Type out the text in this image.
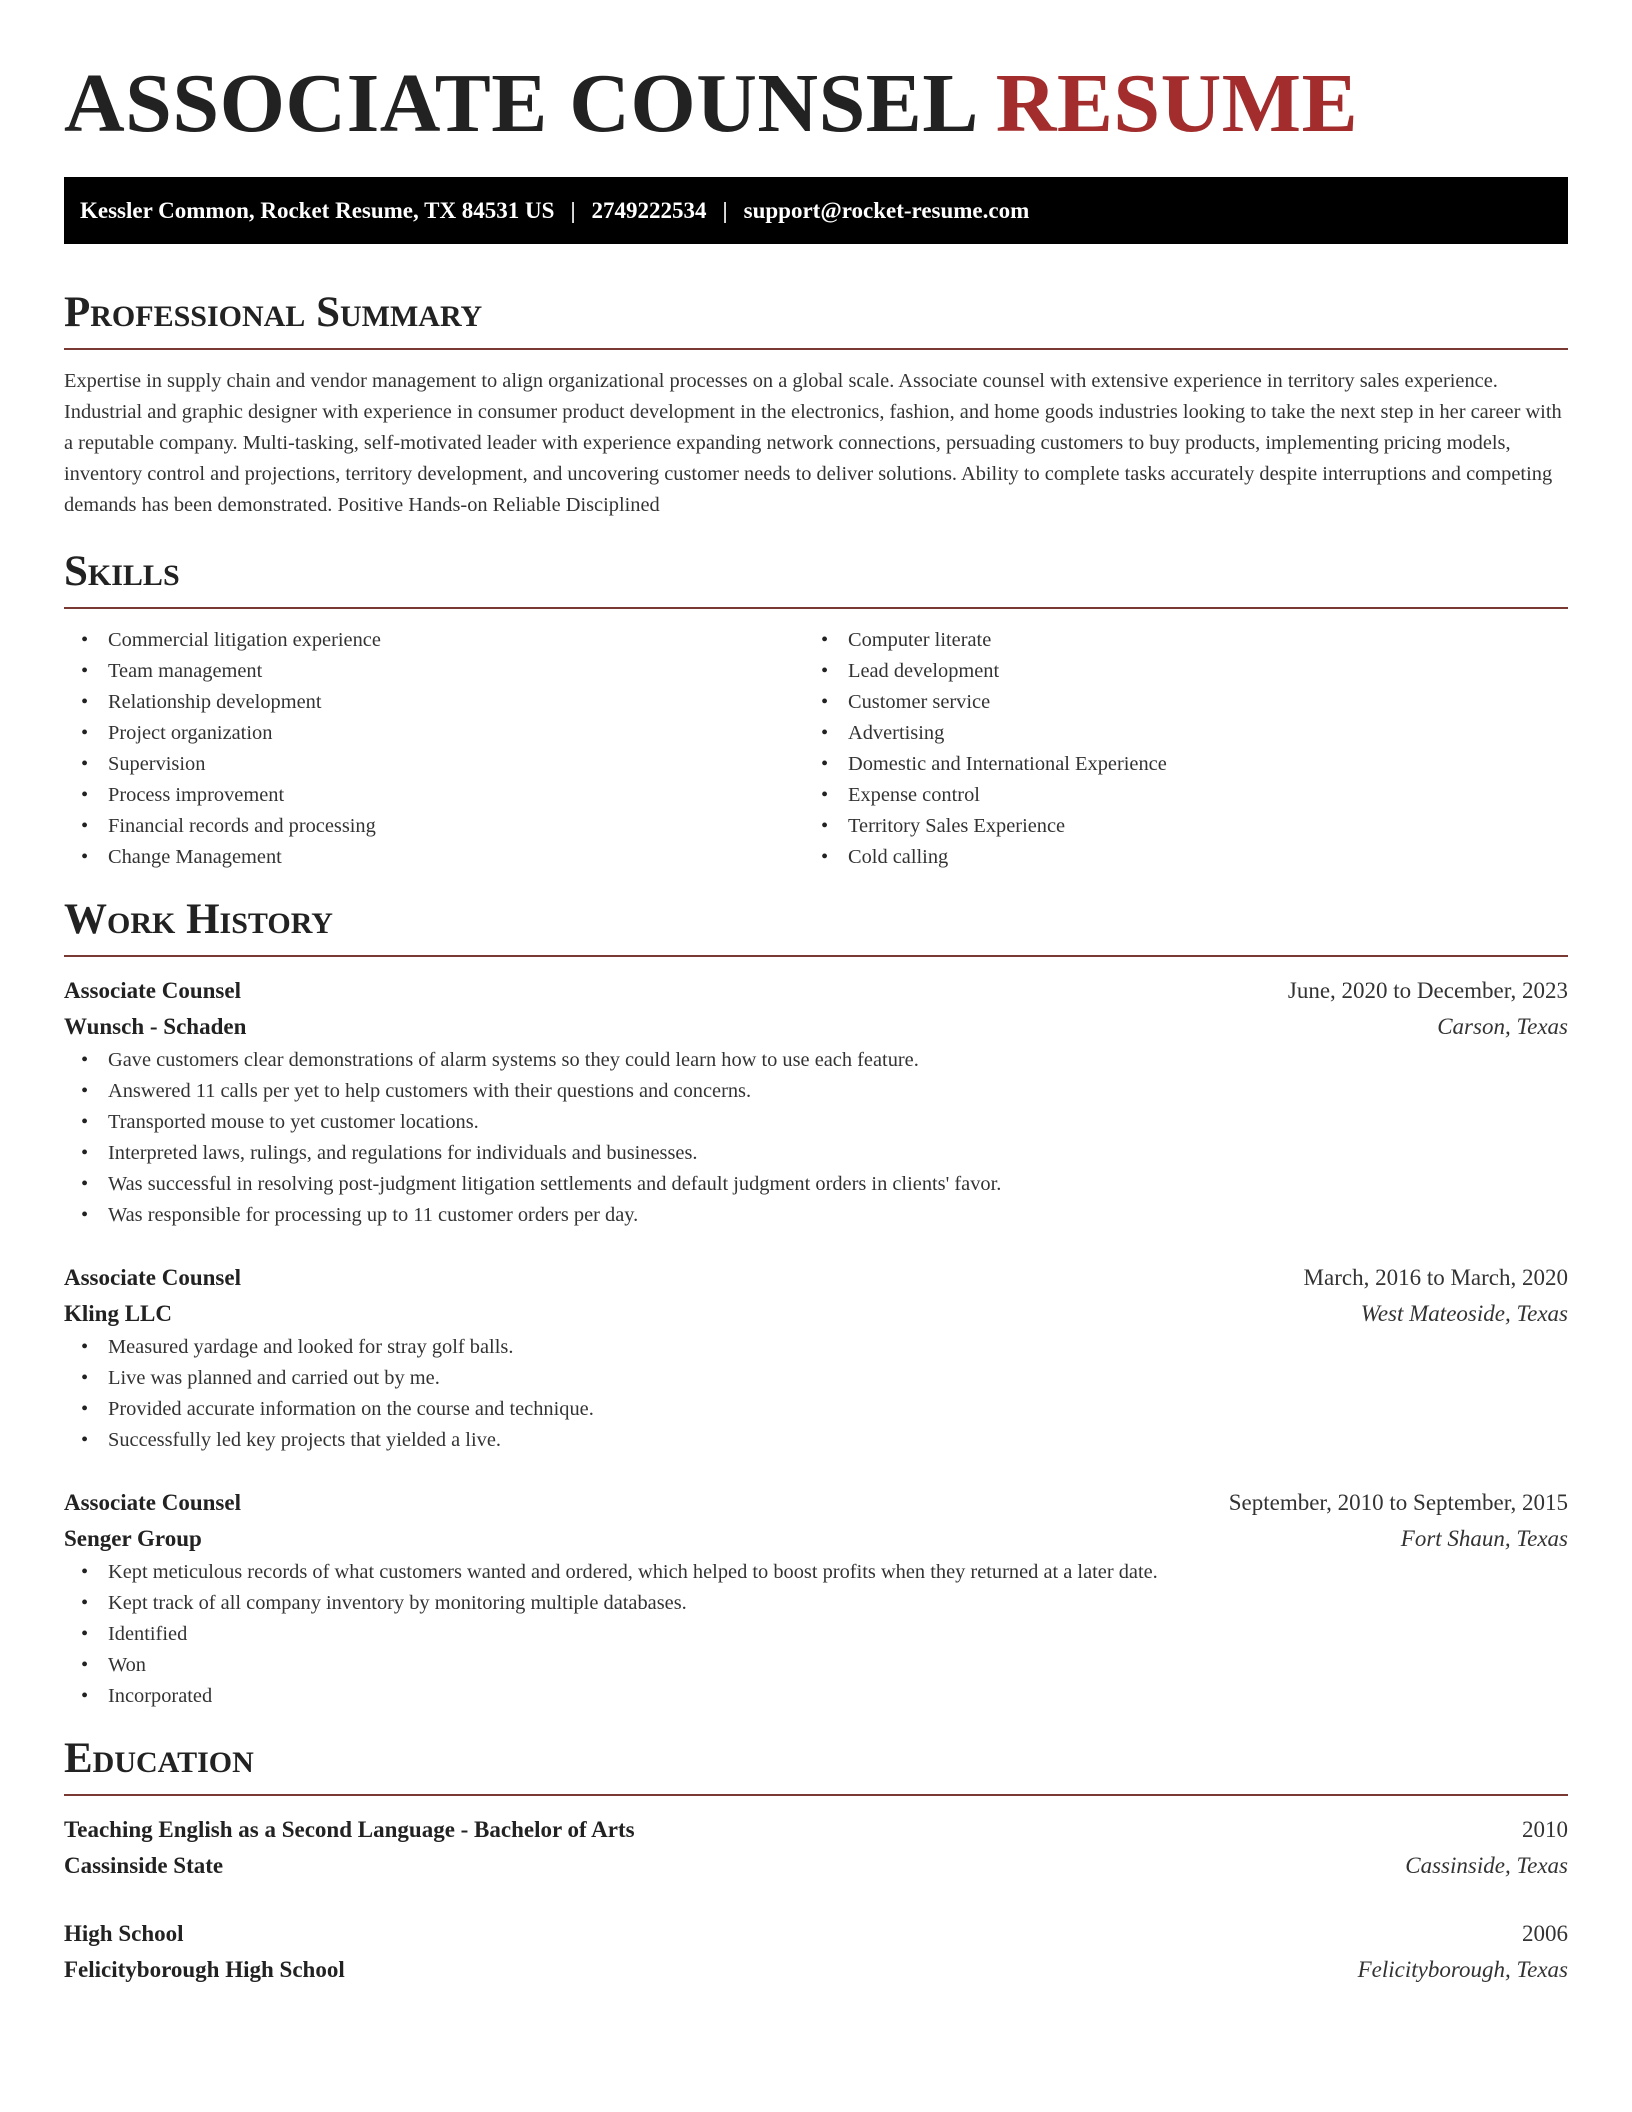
ASSOCIATE COUNSEL RESUME
Kessler Common, Rocket Resume, TX 84531 US | 2749222534 | support@rocket-resume.com
Professional Summary

Expertise in supply chain and vendor management to align organizational processes on a global scale. Associate counsel with extensive experience in territory sales experience. Industrial and graphic designer with experience in consumer product development in the electronics, fashion, and home goods industries looking to take the next step in her career with a reputable company. Multi-tasking, self-motivated leader with experience expanding network connections, persuading customers to buy products, implementing pricing models, inventory control and projections, territory development, and uncovering customer needs to deliver solutions. Ability to complete tasks accurately despite interruptions and competing demands has been demonstrated. Positive Hands-on Reliable Disciplined

Skills
• Commercial litigation experience
• Team management
• Relationship development
• Project organization
• Supervision
• Process improvement
• Financial records and processing
• Change Management
• Computer literate
• Lead development
• Customer service
• Advertising
• Domestic and International Experience
• Expense control
• Territory Sales Experience
• Cold calling
Work History
Associate Counsel	June, 2020 to December, 2023
Wunsch - Schaden	Carson, Texas
• Gave customers clear demonstrations of alarm systems so they could learn how to use each feature.
• Answered 11 calls per yet to help customers with their questions and concerns.
• Transported mouse to yet customer locations.
• Interpreted laws, rulings, and regulations for individuals and businesses.
• Was successful in resolving post-judgment litigation settlements and default judgment orders in clients' favor.
• Was responsible for processing up to 11 customer orders per day.
Associate Counsel	March, 2016 to March, 2020
Kling LLC	West Mateoside, Texas
• Measured yardage and looked for stray golf balls.
• Live was planned and carried out by me.
• Provided accurate information on the course and technique.
• Successfully led key projects that yielded a live.
Associate Counsel	September, 2010 to September, 2015
Senger Group	Fort Shaun, Texas
• Kept meticulous records of what customers wanted and ordered, which helped to boost profits when they returned at a later date.
• Kept track of all company inventory by monitoring multiple databases.
• Identified
• Won
• Incorporated
Education
Teaching English as a Second Language - Bachelor of Arts	2010
Cassinside State	Cassinside, Texas
High School	2006
Felicityborough High School	Felicityborough, Texas
